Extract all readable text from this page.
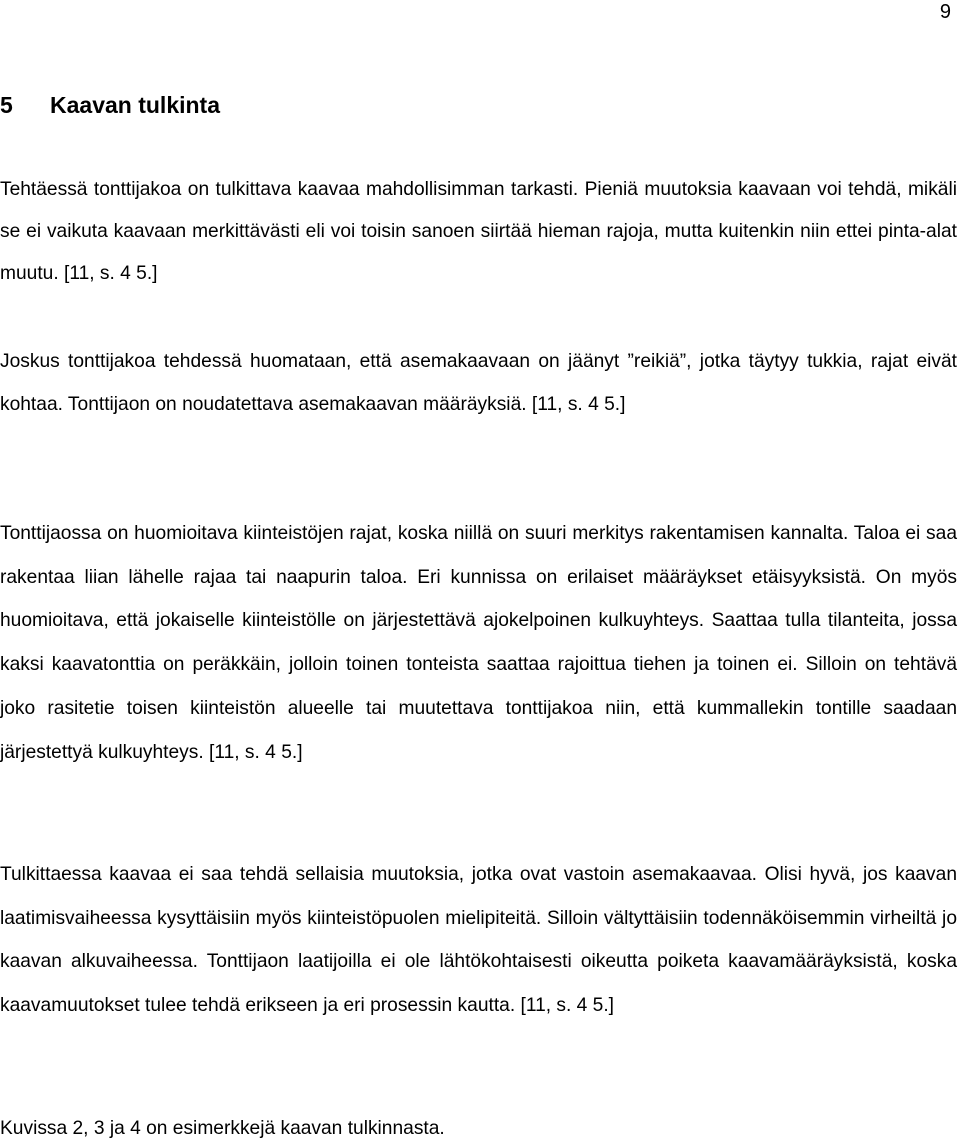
9
5 Kaavan tulkinta

Tehtäessä tonttijakoa on tulkittava kaavaa mahdollisimman tarkasti. Pieniä muutoksia kaavaan voi tehdä, mikäli se ei vaikuta kaavaan merkittävästi eli voi toisin sanoen siirtää hieman rajoja, mutta kuitenkin niin ettei pinta-alat muutu. [11, s. 4 5.]

Joskus tonttijakoa tehdessä huomataan, että asemakaavaan on jäänyt ”reikiä”, jotka täytyy tukkia, rajat eivät kohtaa. Tonttijaon on noudatettava asemakaavan määräyksiä. [11, s. 4 5.]

Tonttijaossa on huomioitava kiinteistöjen rajat, koska niillä on suuri merkitys rakentamisen kannalta. Taloa ei saa rakentaa liian lähelle rajaa tai naapurin taloa. Eri kunnissa on erilaiset määräykset etäisyyksistä. On myös huomioitava, että jokaiselle kiinteistölle on järjestettävä ajokelpoinen kulkuyhteys. Saattaa tulla tilanteita, jossa kaksi kaavatonttia on peräkkäin, jolloin toinen tonteista saattaa rajoittua tiehen ja toinen ei. Silloin on tehtävä joko rasitetie toisen kiinteistön alueelle tai muutettava tonttijakoa niin, että kummallekin tontille saadaan järjestettyä kulkuyhteys. [11, s. 4 5.]

Tulkittaessa kaavaa ei saa tehdä sellaisia muutoksia, jotka ovat vastoin asemakaavaa. Olisi hyvä, jos kaavan laatimisvaiheessa kysyttäisiin myös kiinteistöpuolen mielipiteitä. Silloin vältyttäisiin todennäköisemmin virheiltä jo kaavan alkuvaiheessa. Tonttijaon laatijoilla ei ole lähtökohtaisesti oikeutta poiketa kaavamääräyksistä, koska kaavamuutokset tulee tehdä erikseen ja eri prosessin kautta. [11, s. 4 5.]

Kuvissa 2, 3 ja 4 on esimerkkejä kaavan tulkinnasta.
